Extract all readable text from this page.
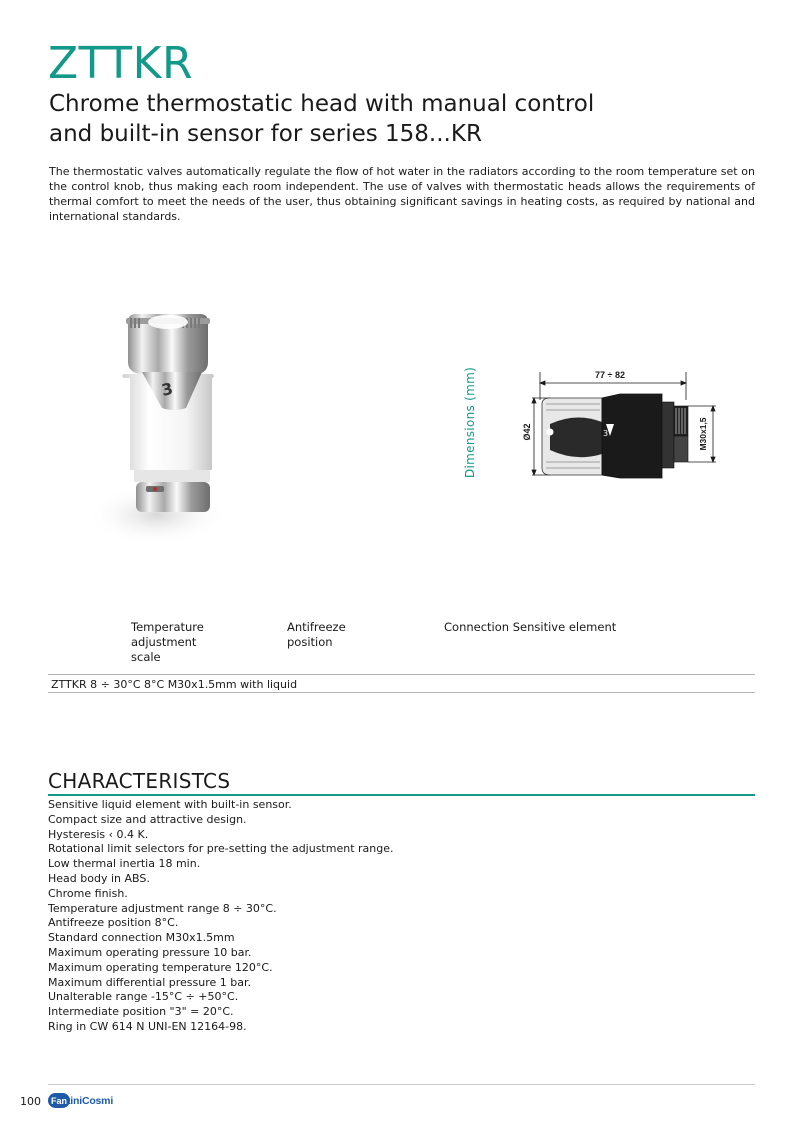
ZTTKR
Chrome thermostatic head with manual control
and built-in sensor for series 158...KR

The thermostatic valves automatically regulate the flow of hot water in the radiators according to the room temperature set on the control knob, thus making each room independent. The use of valves with thermostatic heads allows the requirements of thermal comfort to meet the needs of the user, thus obtaining significant savings in heating costs, as required by national and international standards.

3	Dimensions (mm)	77 ÷ 82
Ø42	3	M30x1,5
Temperature
adjustment
scale
Antifreeze
position
Connection Sensitive element
ZTTKR 8 ÷ 30°C 8°C M30x1.5mm with liquid
CHARACTERISTCS
Sensitive liquid element with built-in sensor.
Compact size and attractive design.
Hysteresis ‹ 0.4 K.
Rotational limit selectors for pre-setting the adjustment range.
Low thermal inertia 18 min.
Head body in ABS.
Chrome finish.
Temperature adjustment range 8 ÷ 30°C.
Antifreeze position 8°C.
Standard connection M30x1.5mm
Maximum operating pressure 10 bar.
Maximum operating temperature 120°C.
Maximum differential pressure 1 bar.
Unalterable range -15°C ÷ +50°C.
Intermediate position "3" = 20°C.
Ring in CW 614 N UNI-EN 12164-98.
100	Fan tiniCosmi
